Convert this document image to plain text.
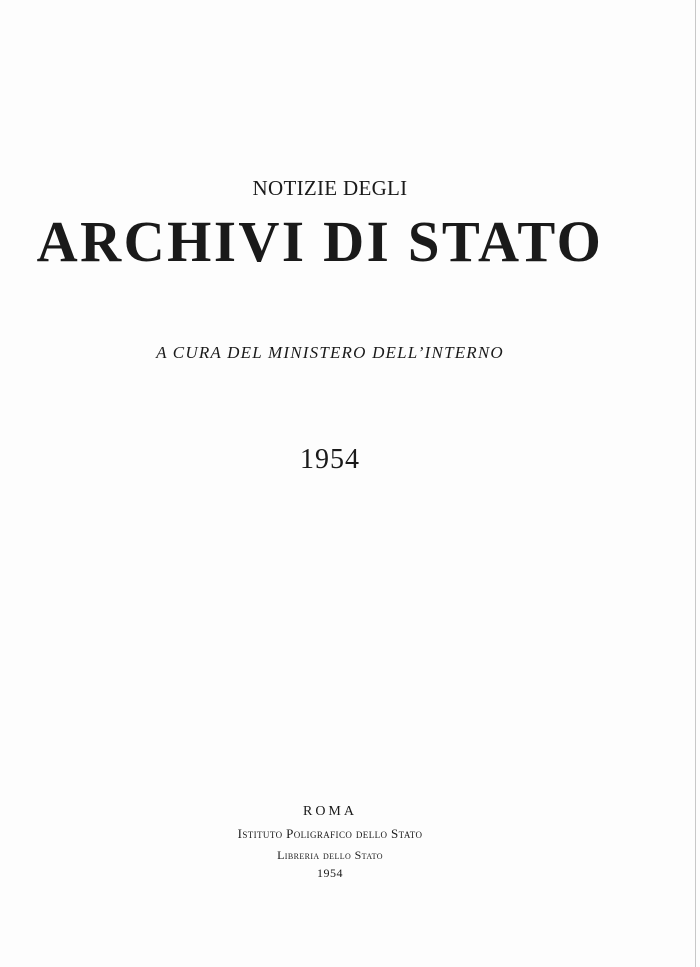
NOTIZIE DEGLI
ARCHIVI DI STATO
A CURA DEL MINISTERO DELL’INTERNO
1954
ROMA
Istituto Poligrafico dello Stato
Libreria dello Stato
1954
